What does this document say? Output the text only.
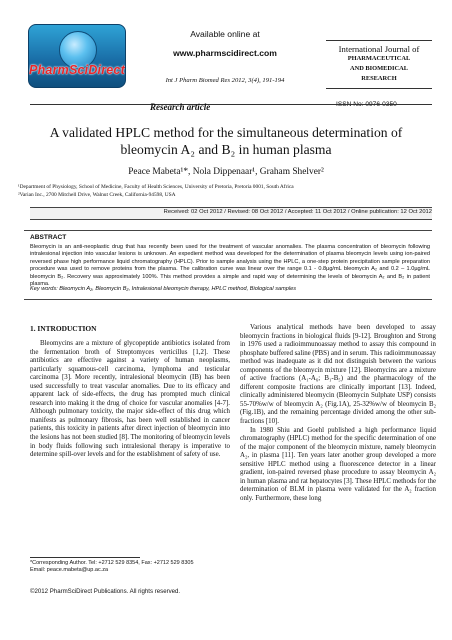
PharmSciDirect
Available online at
www.pharmscidirect.com
Int J Pharm Biomed Res 2012, 3(4), 191-194
International Journal of
PHARMACEUTICAL
AND BIOMEDICAL
RESEARCH
ISSN No: 0976-0350
Research article
A validated HPLC method for the simultaneous determination of
bleomycin A₂ and B₂ in human plasma
Peace Mabeta¹*, Nola Dippenaar¹, Graham Shelver²
¹Department of Physiology, School of Medicine, Faculty of Health Sciences, University of Pretoria, Pretoria 0001, South Africa
²Varian Inc., 2700 Mitchell Drive, Walnut Creek, California-94598, USA
Received: 02 Oct 2012 / Revised: 08 Oct 2012 / Accepted: 11 Oct 2012 / Online publication: 12 Oct 2012
ABSTRACT
Bleomycin is an anti-neoplastic drug that has recently been used for the treatment of vascular anomalies. The plasma concentration of bleomycin following intralesional injection into vascular lesions is unknown. An expedient method was developed for the determination of plasma bleomycin levels using ion-paired reversed phase high performance liquid chromatography (HPLC). Prior to sample analysis using the HPLC, a one-step protein precipitation sample preparation procedure was used to remove proteins from the plasma. The calibration curve was linear over the range 0.1 - 0.8µg/mL bleomycin A₂ and 0.2 – 1.0µg/mL bleomycin B₂. Recovery was approximately 100%. This method provides a simple and rapid way of determining the levels of bleomycin A₂ and B₂ in patient plasma.
Key words: Bleomycin A₂, Bleomycin B₂, Intralesional bleomycin therapy, HPLC method, Biological samples
1. INTRODUCTION

Bleomycins are a mixture of glycopeptide antibiotics isolated from the fermentation broth of Streptomyces verticillus [1,2]. These antibiotics are effective against a variety of human neoplasms, particularly squamous-cell carcinoma, lymphoma and testicular carcinoma [3]. More recently, intralesional bleomycin (IB) has been used successfully to treat vascular anomalies. Due to its efficacy and apparent lack of side-effects, the drug has prompted much clinical research into making it the drug of choice for vascular anomalies [4-7]. Although pulmonary toxicity, the major side-effect of this drug which manifests as pulmonary fibrosis, has been well established in cancer patients, this toxicity in patients after direct injection of bleomycin into the lesions has not been studied [8]. The monitoring of bleomycin levels in body fluids following such intralesional therapy is imperative to determine spill-over levels and for the establishment of safety of use.

Various analytical methods have been developed to assay bleomycin fractions in biological fluids [9-12]. Broughton and Strong in 1976 used a radioimmunoassay method to assay this compound in phosphate buffered saline (PBS) and in serum. This radioimmunoassay method was inadequate as it did not distinguish between the various components of the bleomycin mixture [12]. Bleomycins are a mixture of active fractions (A₁-A₆; B₁-B₅) and the pharmacology of the different composite fractions are clinically important [13]. Indeed, clinically administered bleomycin (Bleomycin Sulphate USP) consists 55-70%w/w of bleomycin A₂ (Fig.1A), 25-32%w/w of bleomycin B₂ (Fig.1B), and the remaining percentage divided among the other sub-fractions [10].

In 1980 Shiu and Goehl published a high performance liquid chromatography (HPLC) method for the specific determination of one of the major component of the bleomycin mixture, namely bleomycin A₂, in plasma [11]. Ten years later another group developed a more sensitive HPLC method using a fluorescence detector in a linear gradient, ion-paired reversed phase procedure to assay bleomycin A₂ in human plasma and rat hepatocytes [3]. These HPLC methods for the determination of BLM in plasma were validated for the A₂ fraction only. Furthermore, these long

*Corresponding Author. Tel: +2712 529 8354, Fax: +2712 529 8305
Email: peace.mabeta@up.ac.za
©2012 PharmSciDirect Publications. All rights reserved.
